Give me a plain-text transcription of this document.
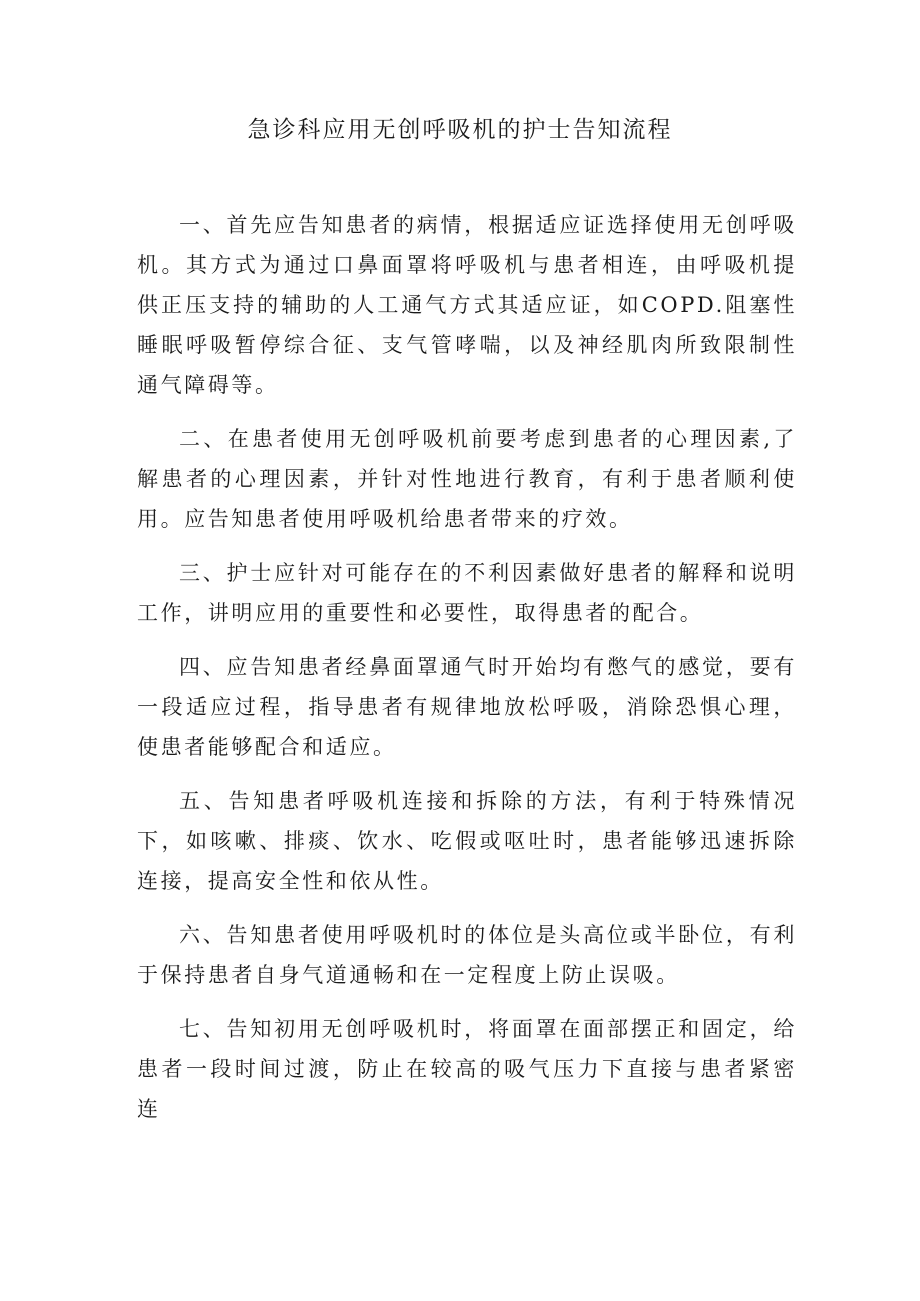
急诊科应用无创呼吸机的护士告知流程

一、首先应告知患者的病情，根据适应证选择使用无创呼吸机。其方式为通过口鼻面罩将呼吸机与患者相连，由呼吸机提供正压支持的辅助的人工通气方式其适应证，如COPD.阻塞性睡眠呼吸暂停综合征、支气管哮喘，以及神经肌肉所致限制性通气障碍等。

二、在患者使用无创呼吸机前要考虑到患者的心理因素,了解患者的心理因素，并针对性地进行教育，有利于患者顺利使用。应告知患者使用呼吸机给患者带来的疗效。

三、护士应针对可能存在的不利因素做好患者的解释和说明工作，讲明应用的重要性和必要性，取得患者的配合。

四、应告知患者经鼻面罩通气时开始均有憋气的感觉，要有一段适应过程，指导患者有规律地放松呼吸，消除恐惧心理，使患者能够配合和适应。

五、告知患者呼吸机连接和拆除的方法，有利于特殊情况下，如咳嗽、排痰、饮水、吃假或呕吐时，患者能够迅速拆除连接，提高安全性和依从性。

六、告知患者使用呼吸机时的体位是头高位或半卧位，有利于保持患者自身气道通畅和在一定程度上防止误吸。

七、告知初用无创呼吸机时，将面罩在面部摆正和固定，给患者一段时间过渡，防止在较高的吸气压力下直接与患者紧密连
